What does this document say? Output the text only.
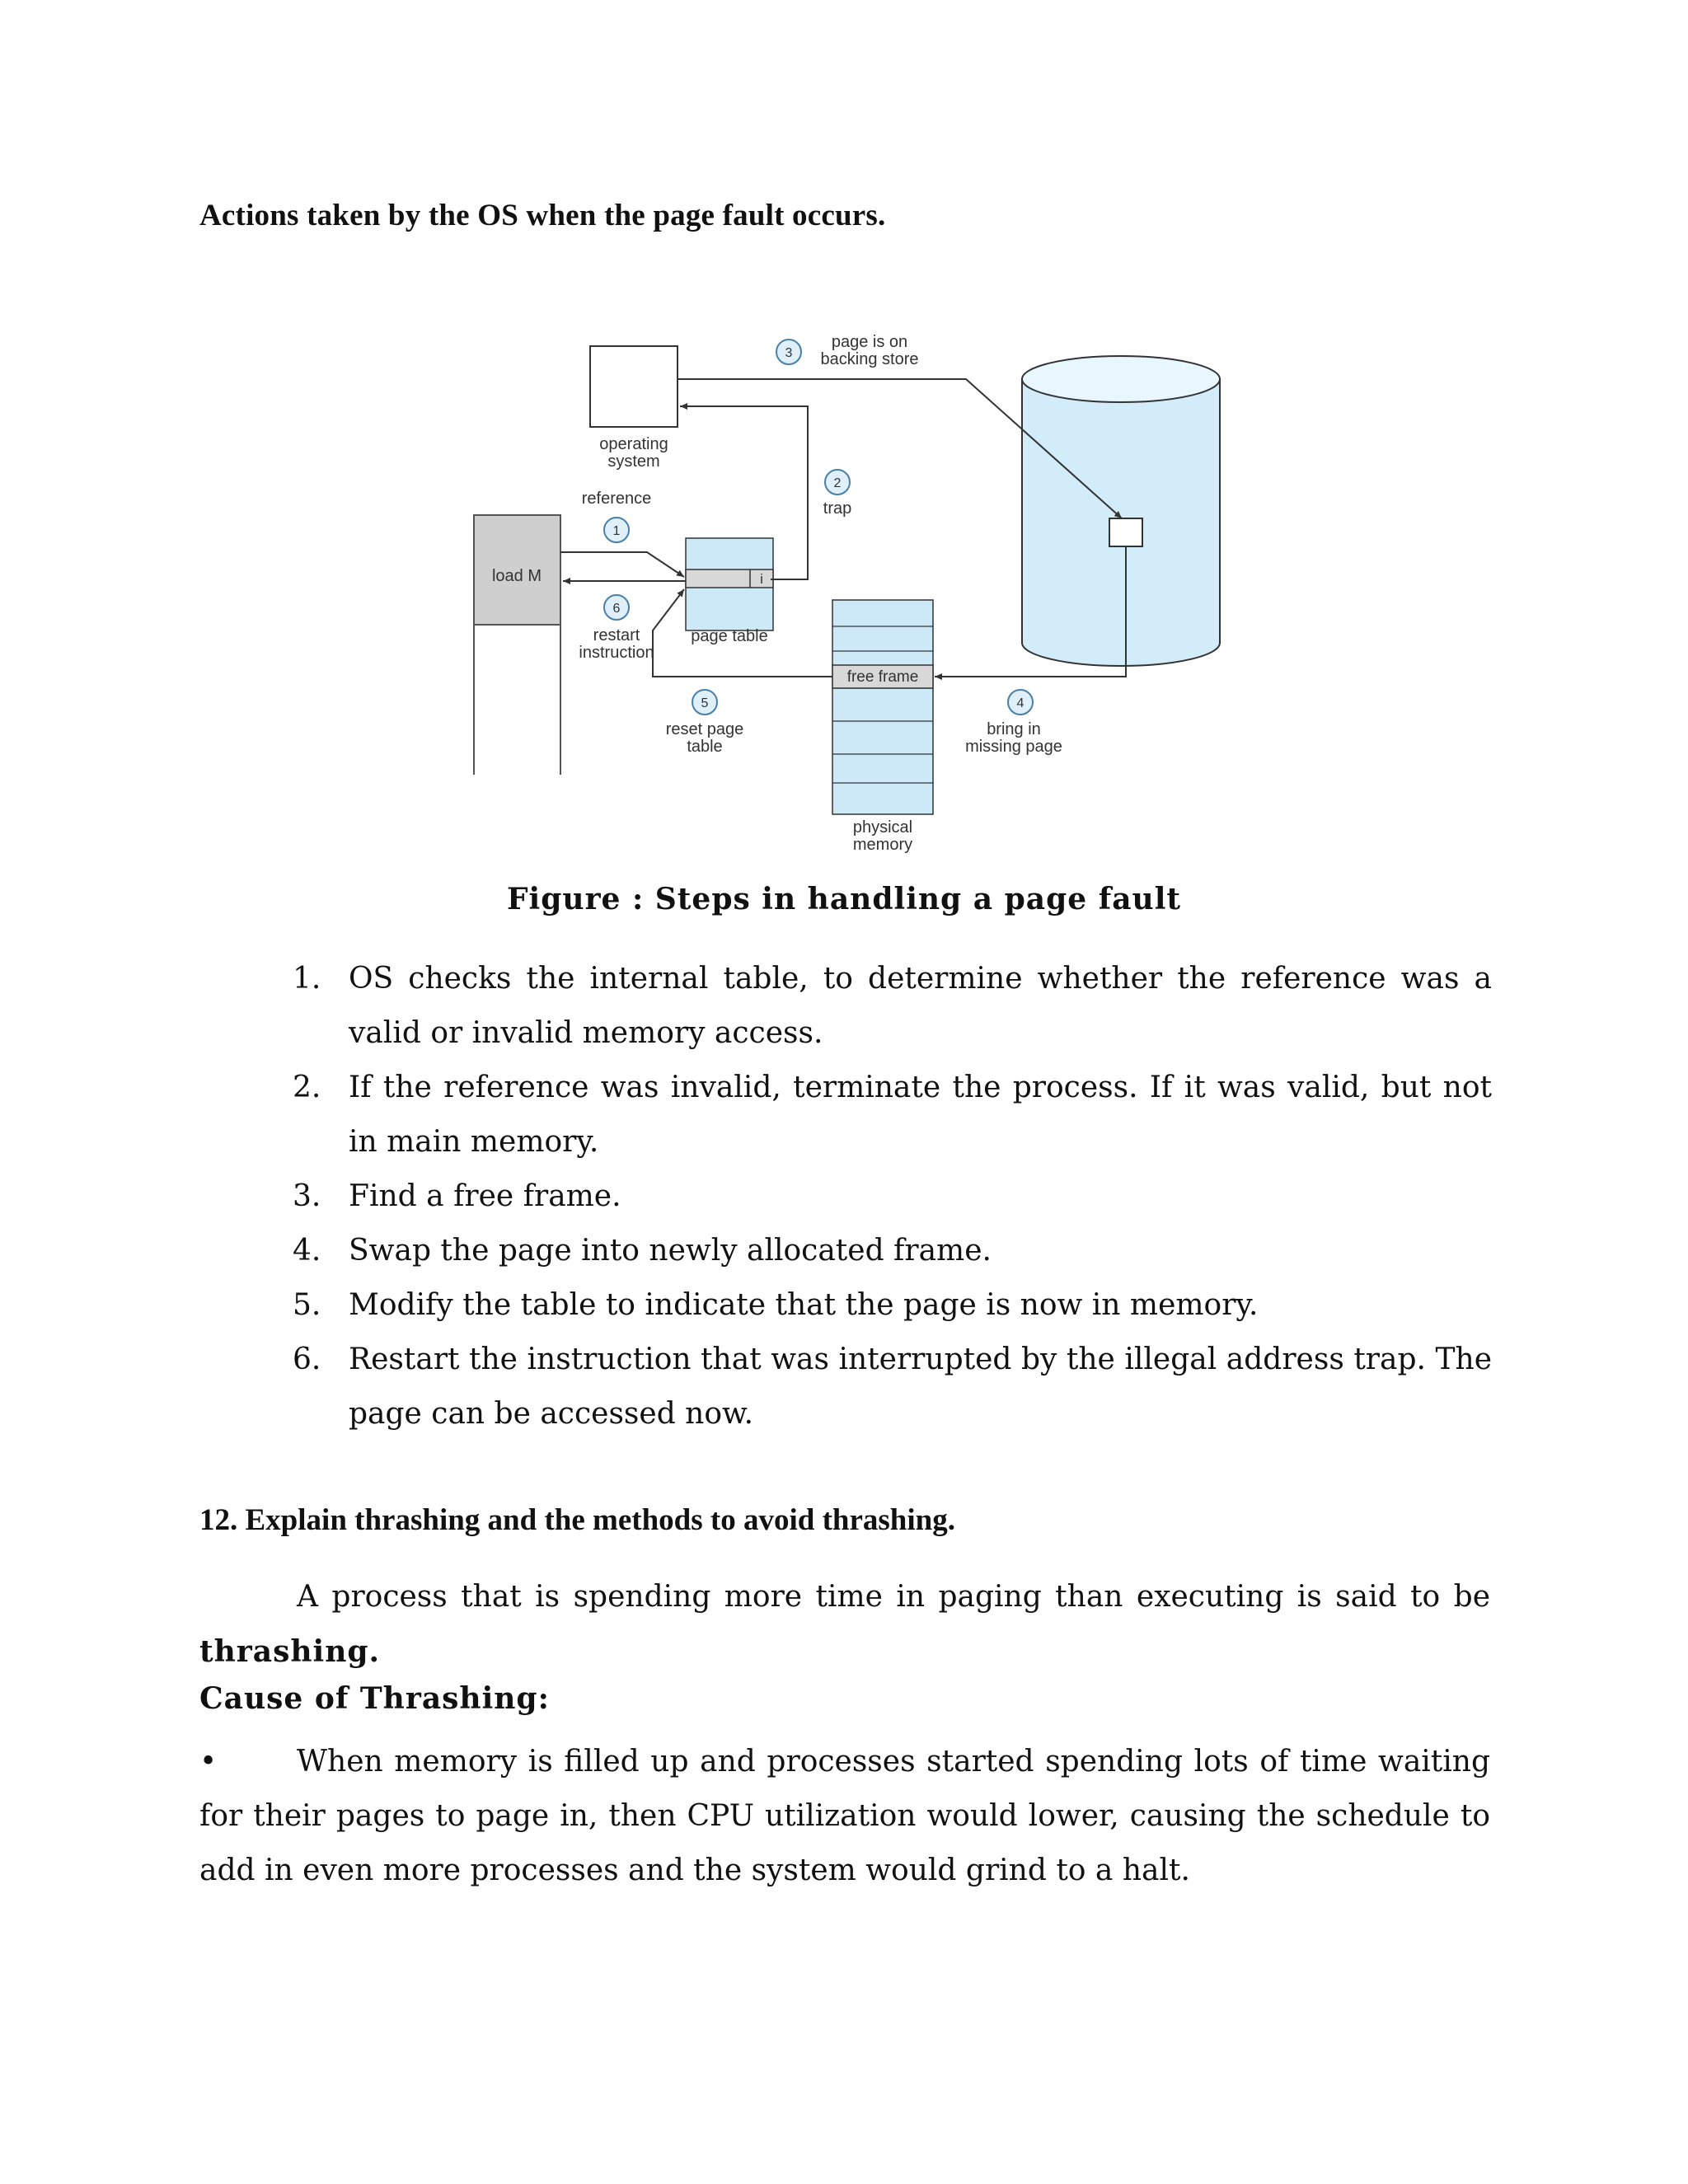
Actions taken by the OS when the page fault occurs.
operating
system
load M	i
page table
free frame
physical
memory
1
2
3
4
5
6
reference
restart
instruction
reset page
table
page is on
backing store
trap
bring in
missing page
Figure : Steps in handling a page fault
1. OS checks the internal table, to determine whether the reference was a valid or invalid memory access.
2. If the reference was invalid, terminate the process. If it was valid, but not in main memory.
3. Find a free frame.
4. Swap the page into newly allocated frame.
5. Modify the table to indicate that the page is now in memory.
6. Restart the instruction that was interrupted by the illegal address trap. The page can be accessed now.
12. Explain thrashing and the methods to avoid thrashing.
A process that is spending more time in paging than executing is said to be thrashing.
Cause of Thrashing:
•	When memory is filled up and processes started spending lots of time waiting for their pages to page in, then CPU utilization would lower, causing the schedule to add in even more processes and the system would grind to a halt.
